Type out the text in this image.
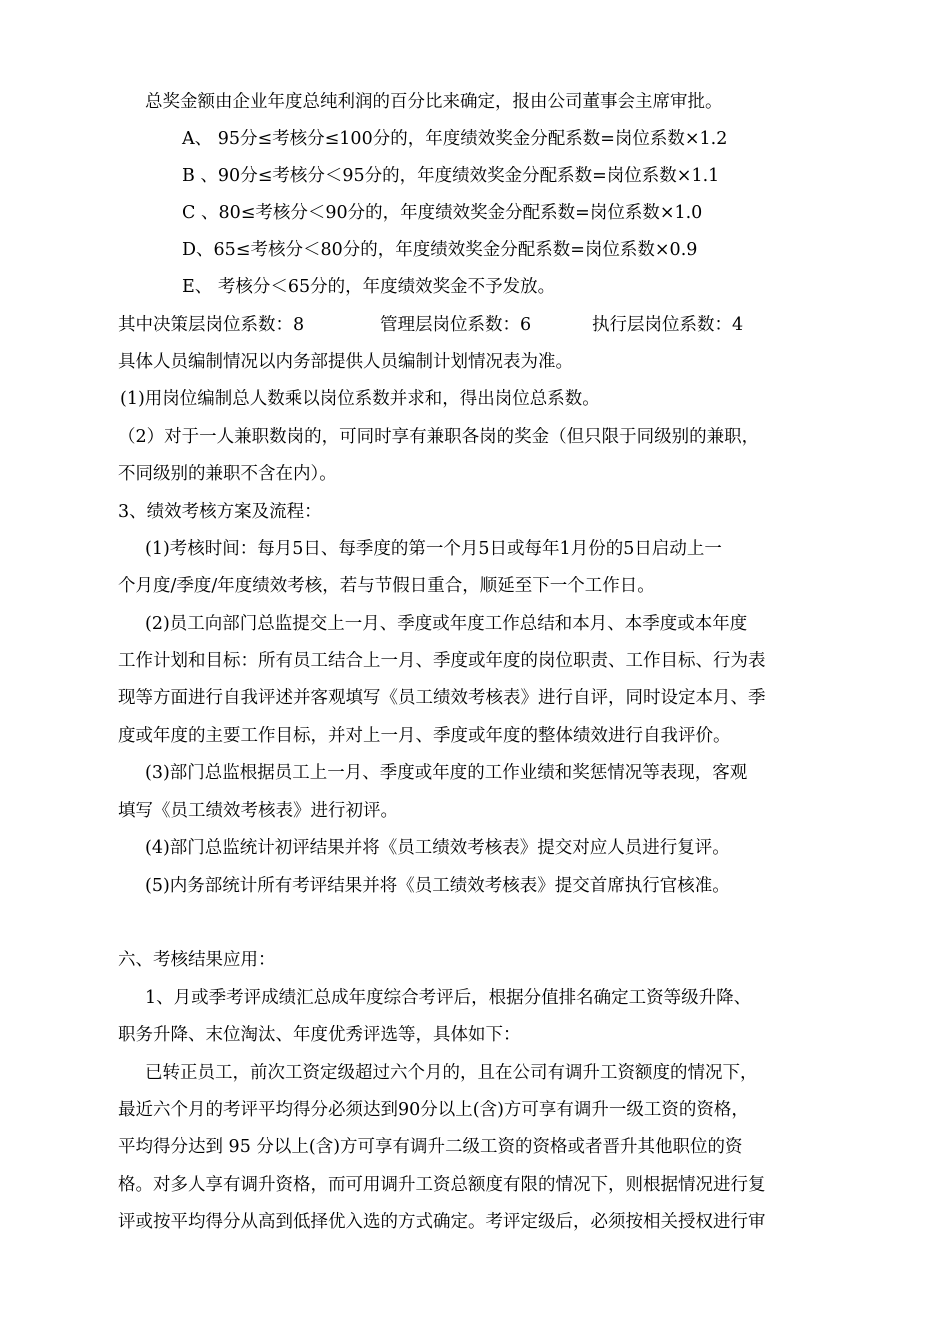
总奖金额由企业年度总纯利润的百分比来确定，报由公司董事会主席审批。

A、 95分≤考核分≤100分的，年度绩效奖金分配系数=岗位系数×1.2

B 、90分≤考核分＜95分的，年度绩效奖金分配系数=岗位系数×1.1

C 、80≤考核分＜90分的，年度绩效奖金分配系数=岗位系数×1.0

D、65≤考核分＜80分的，年度绩效奖金分配系数=岗位系数×0.9

E、 考核分＜65分的，年度绩效奖金不予发放。

其中决策层岗位系数：8	管理层岗位系数：6	执行层岗位系数：4

具体人员编制情况以内务部提供人员编制计划情况表为准。

(1)用岗位编制总人数乘以岗位系数并求和，得出岗位总系数。

（2）对于一人兼职数岗的，可同时享有兼职各岗的奖金（但只限于同级别的兼职，

不同级别的兼职不含在内）。

3、绩效考核方案及流程：

(1)考核时间：每月5日、每季度的第一个月5日或每年1月份的5日启动上一

个月度/季度/年度绩效考核，若与节假日重合，顺延至下一个工作日。

(2)员工向部门总监提交上一月、季度或年度工作总结和本月、本季度或本年度

工作计划和目标：所有员工结合上一月、季度或年度的岗位职责、工作目标、行为表

现等方面进行自我评述并客观填写《员工绩效考核表》进行自评，同时设定本月、季

度或年度的主要工作目标，并对上一月、季度或年度的整体绩效进行自我评价。

(3)部门总监根据员工上一月、季度或年度的工作业绩和奖惩情况等表现，客观

填写《员工绩效考核表》进行初评。

(4)部门总监统计初评结果并将《员工绩效考核表》提交对应人员进行复评。

(5)内务部统计所有考评结果并将《员工绩效考核表》提交首席执行官核准。

六、考核结果应用：

1、月或季考评成绩汇总成年度综合考评后，根据分值排名确定工资等级升降、

职务升降、末位淘汰、年度优秀评选等，具体如下：

已转正员工，前次工资定级超过六个月的，且在公司有调升工资额度的情况下，

最近六个月的考评平均得分必须达到90分以上(含)方可享有调升一级工资的资格，

平均得分达到 95 分以上(含)方可享有调升二级工资的资格或者晋升其他职位的资

格。对多人享有调升资格，而可用调升工资总额度有限的情况下，则根据情况进行复

评或按平均得分从高到低择优入选的方式确定。考评定级后，必须按相关授权进行审
